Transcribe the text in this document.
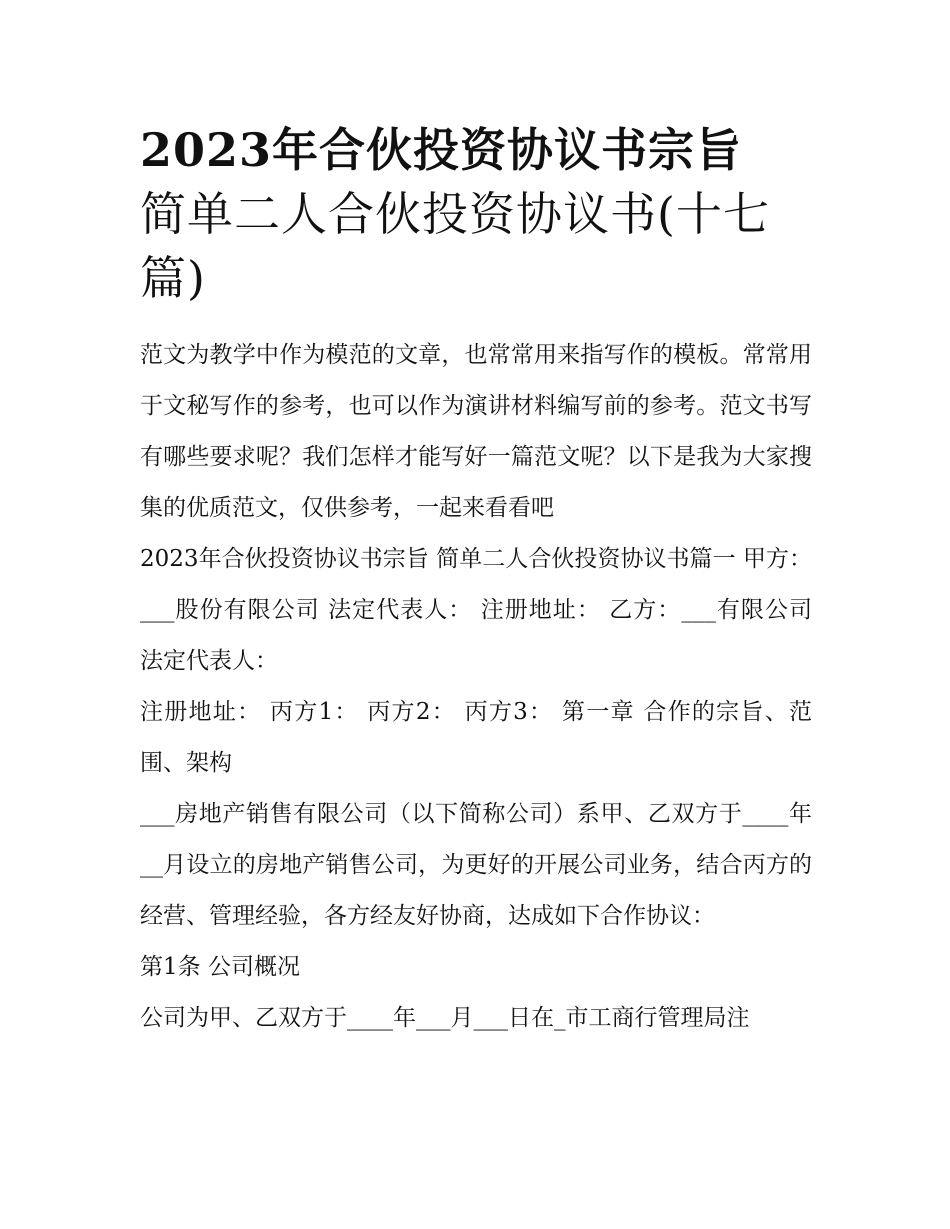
2023年合伙投资协议书宗旨
简单二人合伙投资协议书(十七篇)

范文为教学中作为模范的文章，也常常用来指写作的模板。常常用于文秘写作的参考，也可以作为演讲材料编写前的参考。范文书写有哪些要求呢？我们怎样才能写好一篇范文呢？以下是我为大家搜集的优质范文，仅供参考，一起来看看吧

2023年合伙投资协议书宗旨 简单二人合伙投资协议书篇一 甲方：___股份有限公司 法定代表人： 注册地址： 乙方：___有限公司 法定代表人：

注册地址： 丙方1： 丙方2： 丙方3： 第一章 合作的宗旨、范围、架构

___房地产销售有限公司（以下简称公司）系甲、乙双方于____年__月设立的房地产销售公司，为更好的开展公司业务，结合丙方的经营、管理经验，各方经友好协商，达成如下合作协议：

第1条 公司概况

公司为甲、乙双方于____年___月___日在_市工商行管理局注
